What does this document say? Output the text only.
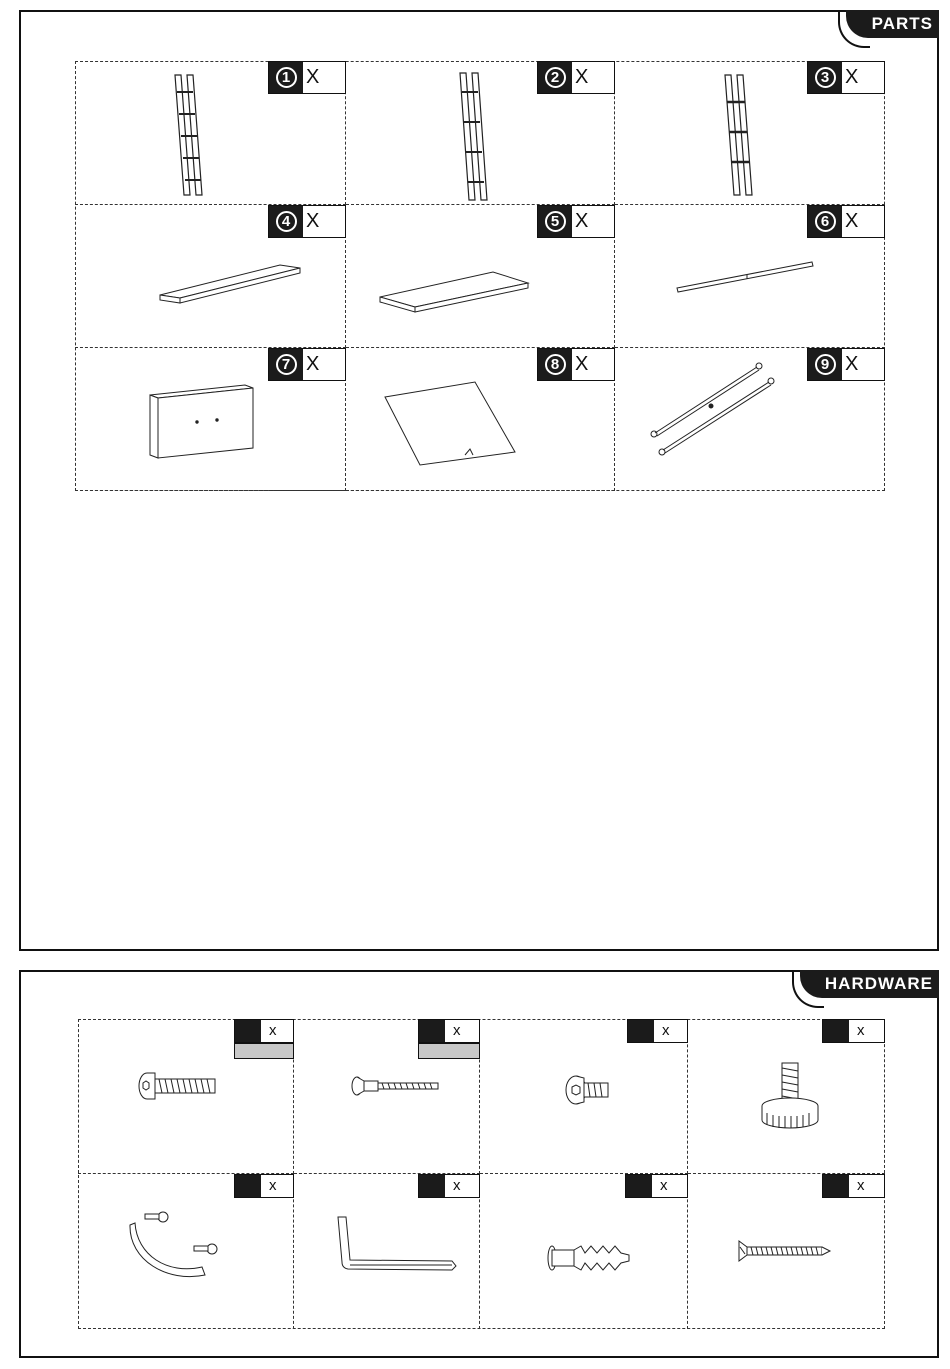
PARTS
1 X	2 X	3 X
4 X	5 X	6 X
7 X	8 X	9 X
HARDWARE
x	x	x	x
x	x	x	x
